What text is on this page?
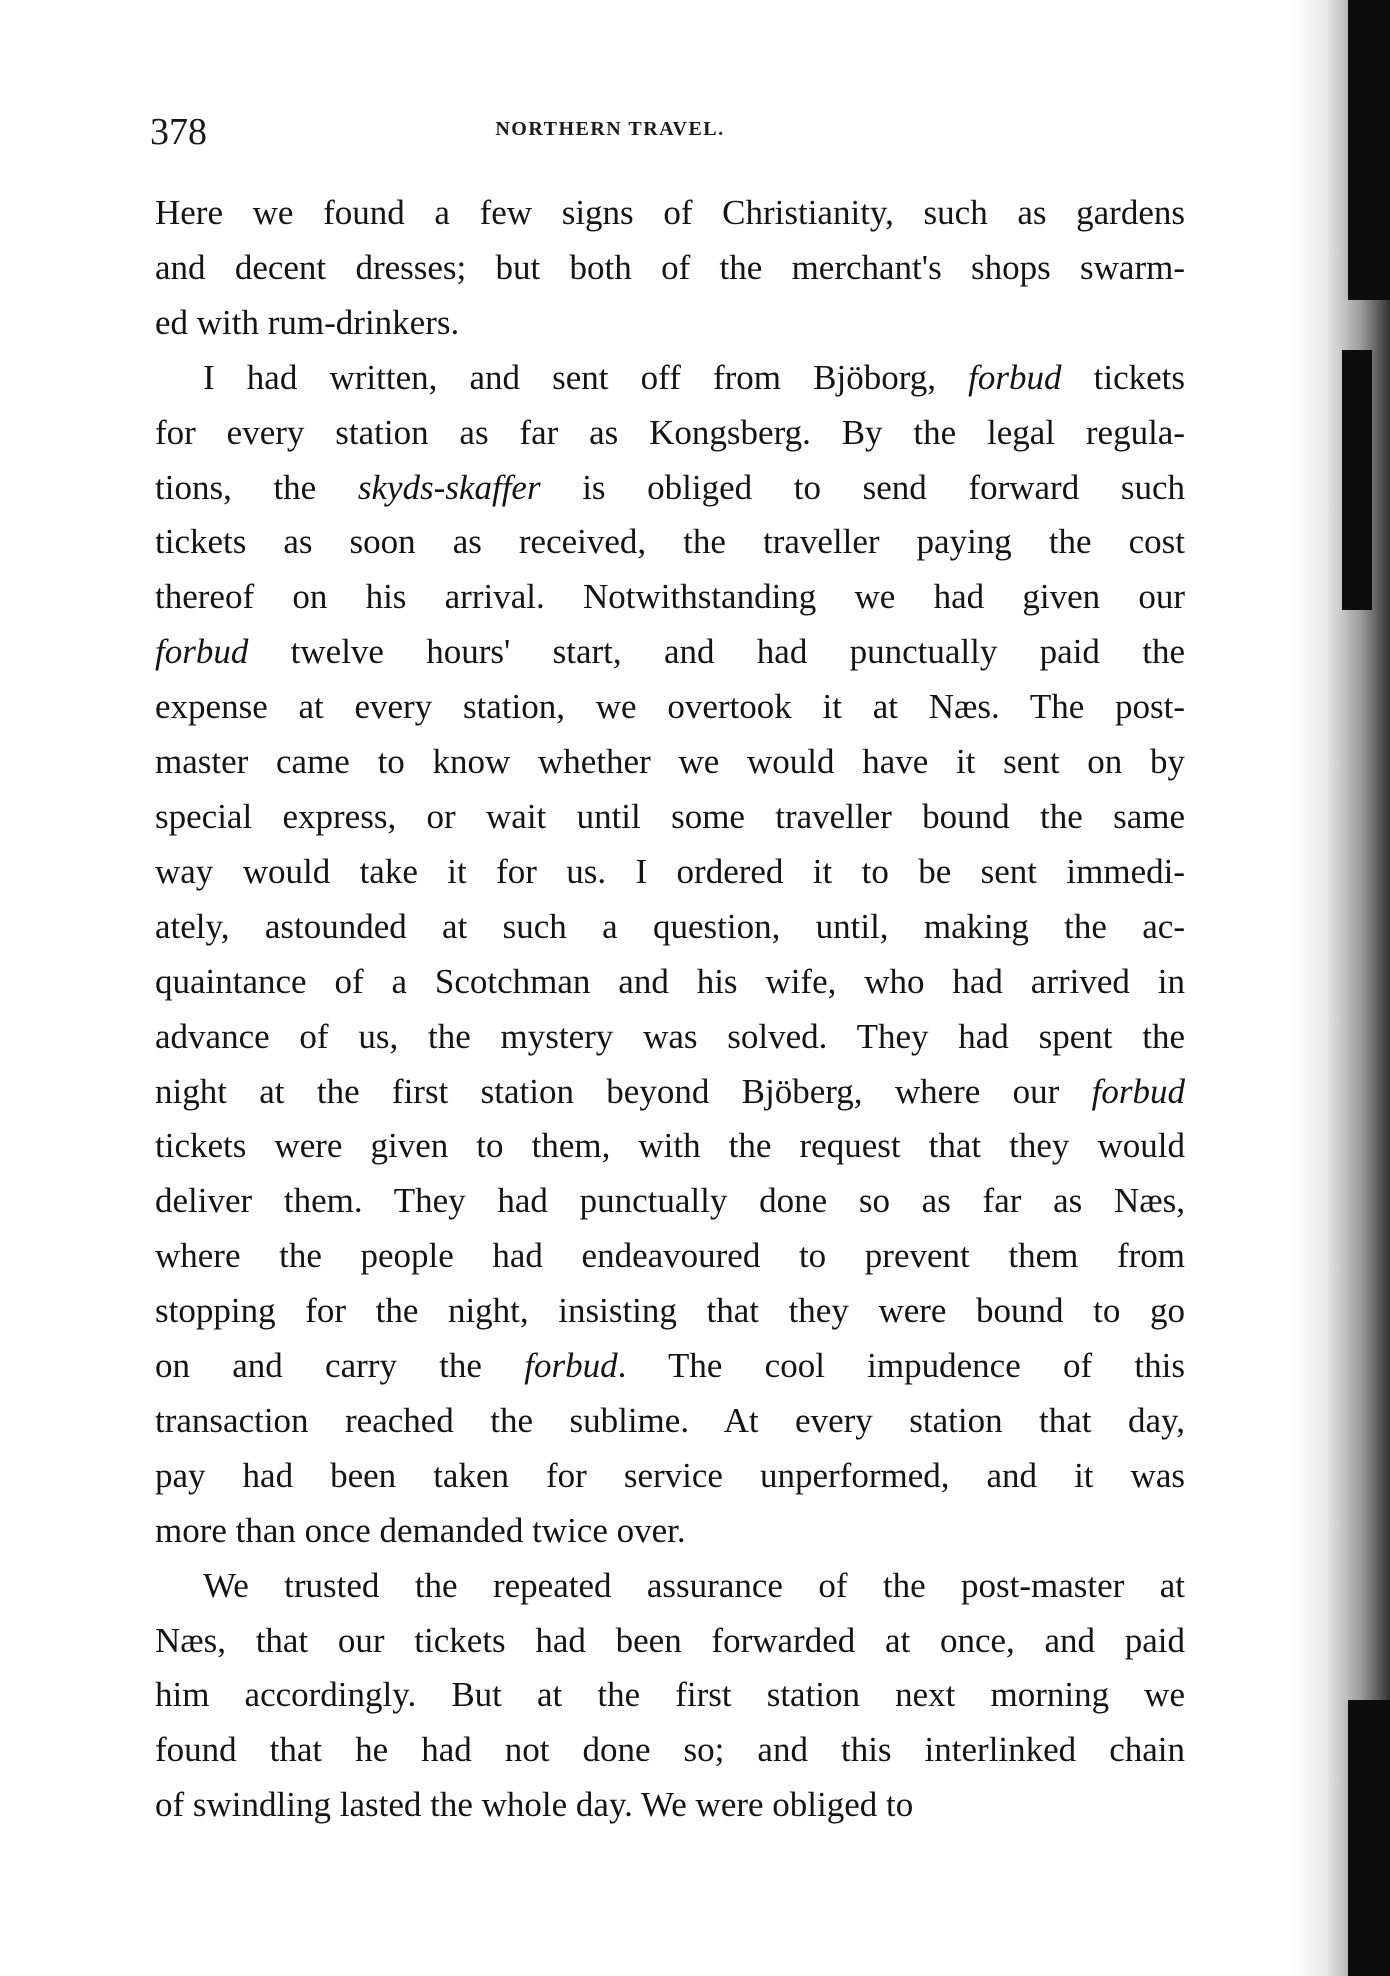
378	NORTHERN TRAVEL.
Here we found a few signs of Christianity, such as gardens
and decent dresses; but both of the merchant's shops swarm-
ed with rum-drinkers.
I had written, and sent off from Bjöborg, forbud tickets
for every station as far as Kongsberg. By the legal regula-
tions, the skyds-skaffer is obliged to send forward such
tickets as soon as received, the traveller paying the cost
thereof on his arrival. Notwithstanding we had given our
forbud twelve hours' start, and had punctually paid the
expense at every station, we overtook it at Næs. The post-
master came to know whether we would have it sent on by
special express, or wait until some traveller bound the same
way would take it for us. I ordered it to be sent immedi-
ately, astounded at such a question, until, making the ac-
quaintance of a Scotchman and his wife, who had arrived in
advance of us, the mystery was solved. They had spent the
night at the first station beyond Bjöberg, where our forbud
tickets were given to them, with the request that they would
deliver them. They had punctually done so as far as Næs,
where the people had endeavoured to prevent them from
stopping for the night, insisting that they were bound to go
on and carry the forbud. The cool impudence of this
transaction reached the sublime. At every station that day,
pay had been taken for service unperformed, and it was
more than once demanded twice over.
We trusted the repeated assurance of the post-master at
Næs, that our tickets had been forwarded at once, and paid
him accordingly. But at the first station next morning we
found that he had not done so; and this interlinked chain
of swindling lasted the whole day. We were obliged to
